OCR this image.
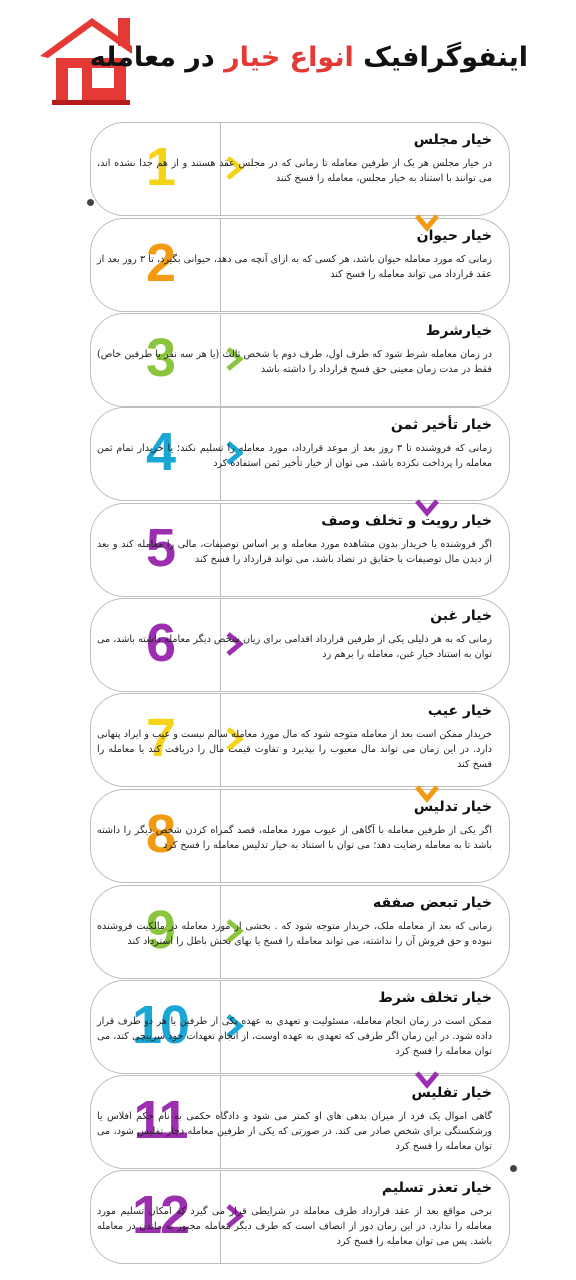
اینفوگرافیک انواع خیار در معامله
1	خیار مجلس
در خیار مجلس هر یک از طرفین معامله تا زمانی که در مجلس عقد هستند و از هم جدا نشده اند، می توانند با استناد به خیار مجلس، معامله را فسخ کنند
2	خیار حیوان
زمانی که مورد معامله حیوان باشد، هر کسی که به ازای آنچه می دهد، حیوانی بگیرد، تا ۳ روز بعد از عقد قرارداد می تواند معامله را فسخ کند
3	خیارشرط
در زمان معامله شرط شود که طرف اول، طرف دوم یا شخص ثالث (یا هر سه نفر یا طرفین خاص) فقط در مدت زمان معینی حق فسخ قرارداد را داشته باشد
4	خیار تأخیر ثمن
زمانی که فروشنده تا ۳ روز بعد از موعد قرارداد، مورد معامله را تسلیم نکند؛ یا خریدار تمام ثمن معامله را پرداخت نکرده باشد، می توان از خیار تأخیر ثمن استفاده کرد
5	خیار رویت و تخلف وصف
اگر فروشنده یا خریدار بدون مشاهده مورد معامله و بر اساس توصیفات، مالی را معامله کند و بعد از دیدن مال توصیفات با حقایق در تضاد باشد، می تواند قرارداد را فسخ کند
6	خیار غبن
زمانی که به هر دلیلی یکی از طرفین قرارداد اقدامی برای زیان شخص دیگر معامله داشته باشد، می توان به استناد خیار غبن، معامله را برهم زد
7	خیار عیب
خریدار ممکن است بعد از معامله متوجه شود که مال مورد معامله سالم نیست و عیب و ایراد پنهانی دارد. در این زمان می تواند مال معیوب را بپذیرد و تفاوت قیمت مال را دریافت کند یا معامله را فسخ کند
8	خیار تدلیس
اگر یکی از طرفین معامله با آگاهی از عیوب مورد معامله، قصد گمراه کردن شخص دیگر را داشته باشد تا به معامله رضایت دهد؛ می توان با استناد به خیار تدلیس معامله را فسخ کرد
9	خیار تبعض صفقه
زمانی که بعد از معامله ملک، خریدار متوجه شود که . بخشی از مورد معامله در مالکیت فروشنده نبوده و حق فروش آن را نداشته، می تواند معامله را فسخ یا بهای بخش باطل را استرداد کند
10	خیار تخلف شرط
ممکن است در زمان انجام معامله، مسئولیت و تعهدی به عهده یکی از طرفین یا هر دو طرف قرار داده شود. در این زمان اگر طرفی که تعهدی به عهده اوست، از انجام تعهدات خود سرپیچی کند، می توان معامله را فسخ کرد
11	خیار تفلیس
گاهی اموال یک فرد از میزان بدهی های او کمتر می شود و دادگاه حکمی به نام حکم افلاس یا ورشکستگی برای شخص صادر می کند. در صورتی که یکی از طرفین معامله دچار تفلیس شود، می توان معامله را فسخ کرد
12	خیار تعذر تسلیم
برخی مواقع بعد از عقد قرارداد طرف معامله در شرایطی قرار می گیرد که امکان تسلیم مورد معامله را ندارد. در این زمان دور از انصاف است که طرف دیگر معامله مجبور به ماندن در معامله باشد. پس می توان معامله را فسخ کرد
